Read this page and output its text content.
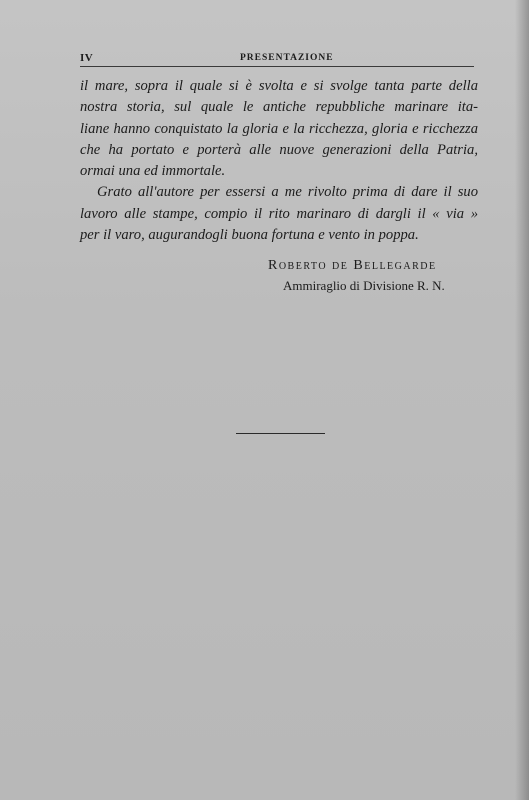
IV	PRESENTAZIONE
il mare, sopra il quale si è svolta e si svolge tanta parte della
nostra storia, sul quale le antiche repubbliche marinare ita-
liane hanno conquistato la gloria e la ricchezza, gloria e ricchezza
che ha portato e porterà alle nuove generazioni della Patria,
ormai una ed immortale.
Grato all'autore per essersi a me rivolto prima di dare il suo
lavoro alle stampe, compio il rito marinaro di dargli il « via »
per il varo, augurandogli buona fortuna e vento in poppa.
Roberto de Bellegarde
Ammiraglio di Divisione R. N.
